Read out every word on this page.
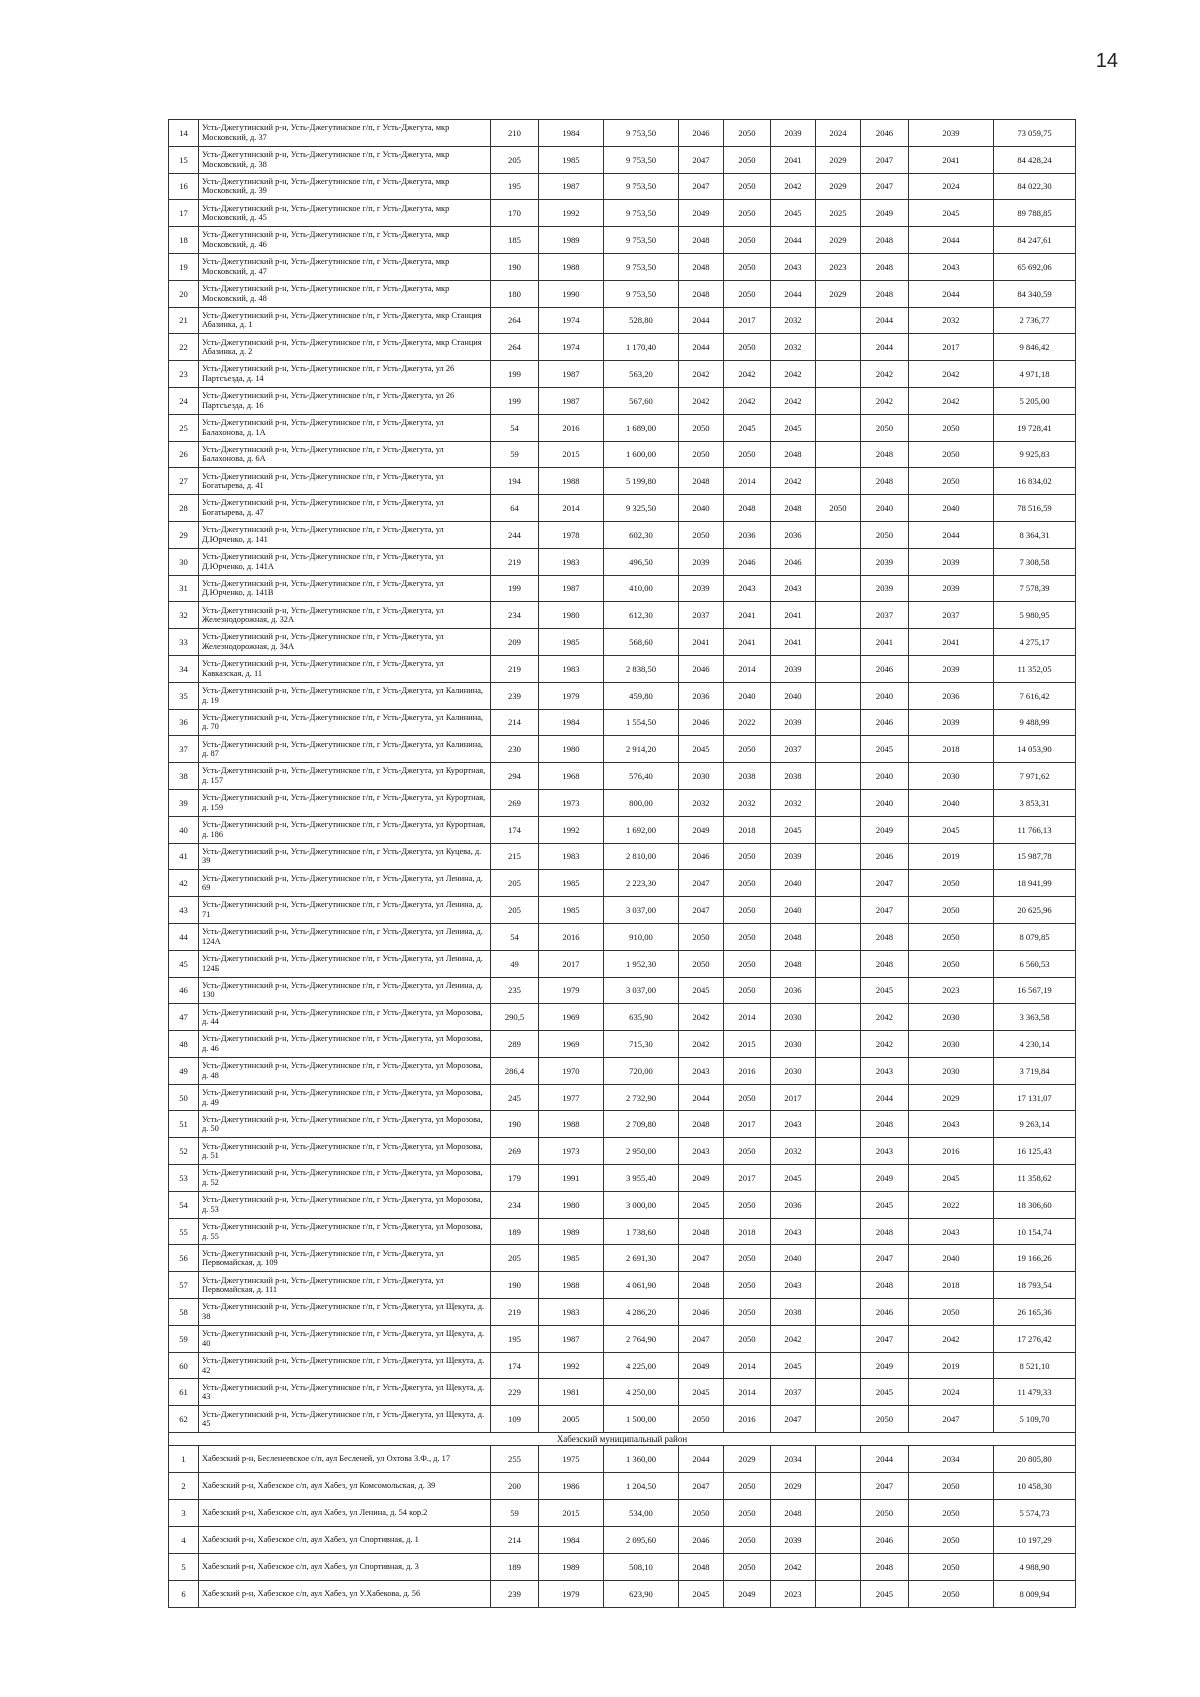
14
14	Усть-Джегутинский р-н, Усть-Джегутинское г/п, г Усть-Джегута, мкр Московский, д. 37	210	1984	9 753,50	2046	2050	2039	2024	2046	2039	73 059,75
15	Усть-Джегутинский р-н, Усть-Джегутинское г/п, г Усть-Джегута, мкр Московский, д. 38	205	1985	9 753,50	2047	2050	2041	2029	2047	2041	84 428,24
16	Усть-Джегутинский р-н, Усть-Джегутинское г/п, г Усть-Джегута, мкр Московский, д. 39	195	1987	9 753,50	2047	2050	2042	2029	2047	2024	84 022,30
17	Усть-Джегутинский р-н, Усть-Джегутинское г/п, г Усть-Джегута, мкр Московский, д. 45	170	1992	9 753,50	2049	2050	2045	2025	2049	2045	89 788,85
18	Усть-Джегутинский р-н, Усть-Джегутинское г/п, г Усть-Джегута, мкр Московский, д. 46	185	1989	9 753,50	2048	2050	2044	2029	2048	2044	84 247,61
19	Усть-Джегутинский р-н, Усть-Джегутинское г/п, г Усть-Джегута, мкр Московский, д. 47	190	1988	9 753,50	2048	2050	2043	2023	2048	2043	65 692,06
20	Усть-Джегутинский р-н, Усть-Джегутинское г/п, г Усть-Джегута, мкр Московский, д. 48	180	1990	9 753,50	2048	2050	2044	2029	2048	2044	84 340,59
21	Усть-Джегутинский р-н, Усть-Джегутинское г/п, г Усть-Джегута, мкр Станция Абазинка, д. 1	264	1974	528,80	2044	2017	2032		2044	2032	2 736,77
22	Усть-Джегутинский р-н, Усть-Джегутинское г/п, г Усть-Джегута, мкр Станция Абазинка, д. 2	264	1974	1 170,40	2044	2050	2032		2044	2017	9 846,42
23	Усть-Джегутинский р-н, Усть-Джегутинское г/п, г Усть-Джегута, ул 26 Партсъезда, д. 14	199	1987	563,20	2042	2042	2042		2042	2042	4 971,18
24	Усть-Джегутинский р-н, Усть-Джегутинское г/п, г Усть-Джегута, ул 26 Партсъезда, д. 16	199	1987	567,60	2042	2042	2042		2042	2042	5 205,00
25	Усть-Джегутинский р-н, Усть-Джегутинское г/п, г Усть-Джегута, ул Балахонова, д. 1А	54	2016	1 689,00	2050	2045	2045		2050	2050	19 728,41
26	Усть-Джегутинский р-н, Усть-Джегутинское г/п, г Усть-Джегута, ул Балахонова, д. 6А	59	2015	1 600,00	2050	2050	2048		2048	2050	9 925,83
27	Усть-Джегутинский р-н, Усть-Джегутинское г/п, г Усть-Джегута, ул Богатырева, д. 41	194	1988	5 199,80	2048	2014	2042		2048	2050	16 834,02
28	Усть-Джегутинский р-н, Усть-Джегутинское г/п, г Усть-Джегута, ул Богатырева, д. 47	64	2014	9 325,50	2040	2048	2048	2050	2040	2040	78 516,59
29	Усть-Джегутинский р-н, Усть-Джегутинское г/п, г Усть-Джегута, ул Д.Юрченко, д. 141	244	1978	602,30	2050	2036	2036		2050	2044	8 364,31
30	Усть-Джегутинский р-н, Усть-Джегутинское г/п, г Усть-Джегута, ул Д.Юрченко, д. 141А	219	1983	496,50	2039	2046	2046		2039	2039	7 308,58
31	Усть-Джегутинский р-н, Усть-Джегутинское г/п, г Усть-Джегута, ул Д.Юрченко, д. 141В	199	1987	410,00	2039	2043	2043		2039	2039	7 578,39
32	Усть-Джегутинский р-н, Усть-Джегутинское г/п, г Усть-Джегута, ул Железнодорожная, д. 32А	234	1980	612,30	2037	2041	2041		2037	2037	5 980,95
33	Усть-Джегутинский р-н, Усть-Джегутинское г/п, г Усть-Джегута, ул Железнодорожная, д. 34А	209	1985	568,60	2041	2041	2041		2041	2041	4 275,17
34	Усть-Джегутинский р-н, Усть-Джегутинское г/п, г Усть-Джегута, ул Кавказская, д. 11	219	1983	2 838,50	2046	2014	2039		2046	2039	11 352,05
35	Усть-Джегутинский р-н, Усть-Джегутинское г/п, г Усть-Джегута, ул Калинина, д. 19	239	1979	459,80	2036	2040	2040		2040	2036	7 616,42
36	Усть-Джегутинский р-н, Усть-Джегутинское г/п, г Усть-Джегута, ул Калинина, д. 70	214	1984	1 554,50	2046	2022	2039		2046	2039	9 488,99
37	Усть-Джегутинский р-н, Усть-Джегутинское г/п, г Усть-Джегута, ул Калинина, д. 87	230	1980	2 914,20	2045	2050	2037		2045	2018	14 053,90
38	Усть-Джегутинский р-н, Усть-Джегутинское г/п, г Усть-Джегута, ул Курортная, д. 157	294	1968	576,40	2030	2038	2038		2040	2030	7 971,62
39	Усть-Джегутинский р-н, Усть-Джегутинское г/п, г Усть-Джегута, ул Курортная, д. 159	269	1973	800,00	2032	2032	2032		2040	2040	3 853,31
40	Усть-Джегутинский р-н, Усть-Джегутинское г/п, г Усть-Джегута, ул Курортная, д. 186	174	1992	1 692,00	2049	2018	2045		2049	2045	11 766,13
41	Усть-Джегутинский р-н, Усть-Джегутинское г/п, г Усть-Джегута, ул Куцева, д. 39	215	1983	2 810,00	2046	2050	2039		2046	2019	15 987,78
42	Усть-Джегутинский р-н, Усть-Джегутинское г/п, г Усть-Джегута, ул Ленина, д. 69	205	1985	2 223,30	2047	2050	2040		2047	2050	18 941,99
43	Усть-Джегутинский р-н, Усть-Джегутинское г/п, г Усть-Джегута, ул Ленина, д. 71	205	1985	3 037,00	2047	2050	2040		2047	2050	20 625,96
44	Усть-Джегутинский р-н, Усть-Джегутинское г/п, г Усть-Джегута, ул Ленина, д. 124А	54	2016	910,00	2050	2050	2048		2048	2050	8 079,85
45	Усть-Джегутинский р-н, Усть-Джегутинское г/п, г Усть-Джегута, ул Ленина, д. 124Б	49	2017	1 952,30	2050	2050	2048		2048	2050	6 560,53
46	Усть-Джегутинский р-н, Усть-Джегутинское г/п, г Усть-Джегута, ул Ленина, д. 130	235	1979	3 037,00	2045	2050	2036		2045	2023	16 567,19
47	Усть-Джегутинский р-н, Усть-Джегутинское г/п, г Усть-Джегута, ул Морозова, д. 44	290,5	1969	635,90	2042	2014	2030		2042	2030	3 363,58
48	Усть-Джегутинский р-н, Усть-Джегутинское г/п, г Усть-Джегута, ул Морозова, д. 46	289	1969	715,30	2042	2015	2030		2042	2030	4 230,14
49	Усть-Джегутинский р-н, Усть-Джегутинское г/п, г Усть-Джегута, ул Морозова, д. 48	286,4	1970	720,00	2043	2016	2030		2043	2030	3 719,84
50	Усть-Джегутинский р-н, Усть-Джегутинское г/п, г Усть-Джегута, ул Морозова, д. 49	245	1977	2 732,90	2044	2050	2017		2044	2029	17 131,07
51	Усть-Джегутинский р-н, Усть-Джегутинское г/п, г Усть-Джегута, ул Морозова, д. 50	190	1988	2 709,80	2048	2017	2043		2048	2043	9 263,14
52	Усть-Джегутинский р-н, Усть-Джегутинское г/п, г Усть-Джегута, ул Морозова, д. 51	269	1973	2 950,00	2043	2050	2032		2043	2016	16 125,43
53	Усть-Джегутинский р-н, Усть-Джегутинское г/п, г Усть-Джегута, ул Морозова, д. 52	179	1991	3 955,40	2049	2017	2045		2049	2045	11 358,62
54	Усть-Джегутинский р-н, Усть-Джегутинское г/п, г Усть-Джегута, ул Морозова, д. 53	234	1980	3 000,00	2045	2050	2036		2045	2022	18 306,60
55	Усть-Джегутинский р-н, Усть-Джегутинское г/п, г Усть-Джегута, ул Морозова, д. 55	189	1989	1 738,60	2048	2018	2043		2048	2043	10 154,74
56	Усть-Джегутинский р-н, Усть-Джегутинское г/п, г Усть-Джегута, ул Первомайская, д. 109	205	1985	2 691,30	2047	2050	2040		2047	2040	19 166,26
57	Усть-Джегутинский р-н, Усть-Джегутинское г/п, г Усть-Джегута, ул Первомайская, д. 111	190	1988	4 061,90	2048	2050	2043		2048	2018	18 793,54
58	Усть-Джегутинский р-н, Усть-Джегутинское г/п, г Усть-Джегута, ул Щекута, д. 38	219	1983	4 286,20	2046	2050	2038		2046	2050	26 165,36
59	Усть-Джегутинский р-н, Усть-Джегутинское г/п, г Усть-Джегута, ул Щекута, д. 40	195	1987	2 764,90	2047	2050	2042		2047	2042	17 276,42
60	Усть-Джегутинский р-н, Усть-Джегутинское г/п, г Усть-Джегута, ул Щекута, д. 42	174	1992	4 225,00	2049	2014	2045		2049	2019	8 521,10
61	Усть-Джегутинский р-н, Усть-Джегутинское г/п, г Усть-Джегута, ул Щекута, д. 43	229	1981	4 250,00	2045	2014	2037		2045	2024	11 479,33
62	Усть-Джегутинский р-н, Усть-Джегутинское г/п, г Усть-Джегута, ул Щекута, д. 45	109	2005	1 500,00	2050	2016	2047		2050	2047	5 109,70
Хабезский муниципальный район											
1	Хабезский р-н, Бесленеевское с/п, аул Бесленей, ул Охтова З.Ф., д. 17	255	1975	1 360,00	2044	2029	2034		2044	2034	20 805,80
2	Хабезский р-н, Хабезское с/п, аул Хабез, ул Комсомольская, д. 39	200	1986	1 204,50	2047	2050	2029		2047	2050	10 458,30
3	Хабезский р-н, Хабезское с/п, аул Хабез, ул Ленина, д. 54 кор.2	59	2015	534,00	2050	2050	2048		2050	2050	5 574,73
4	Хабезский р-н, Хабезское с/п, аул Хабез, ул Спортивная, д. 1	214	1984	2 095,60	2046	2050	2039		2046	2050	10 197,29
5	Хабезский р-н, Хабезское с/п, аул Хабез, ул Спортивная, д. 3	189	1989	508,10	2048	2050	2042		2048	2050	4 988,90
6	Хабезский р-н, Хабезское с/п, аул Хабез, ул У.Хабекова, д. 56	239	1979	623,90	2045	2049	2023		2045	2050	8 009,94
